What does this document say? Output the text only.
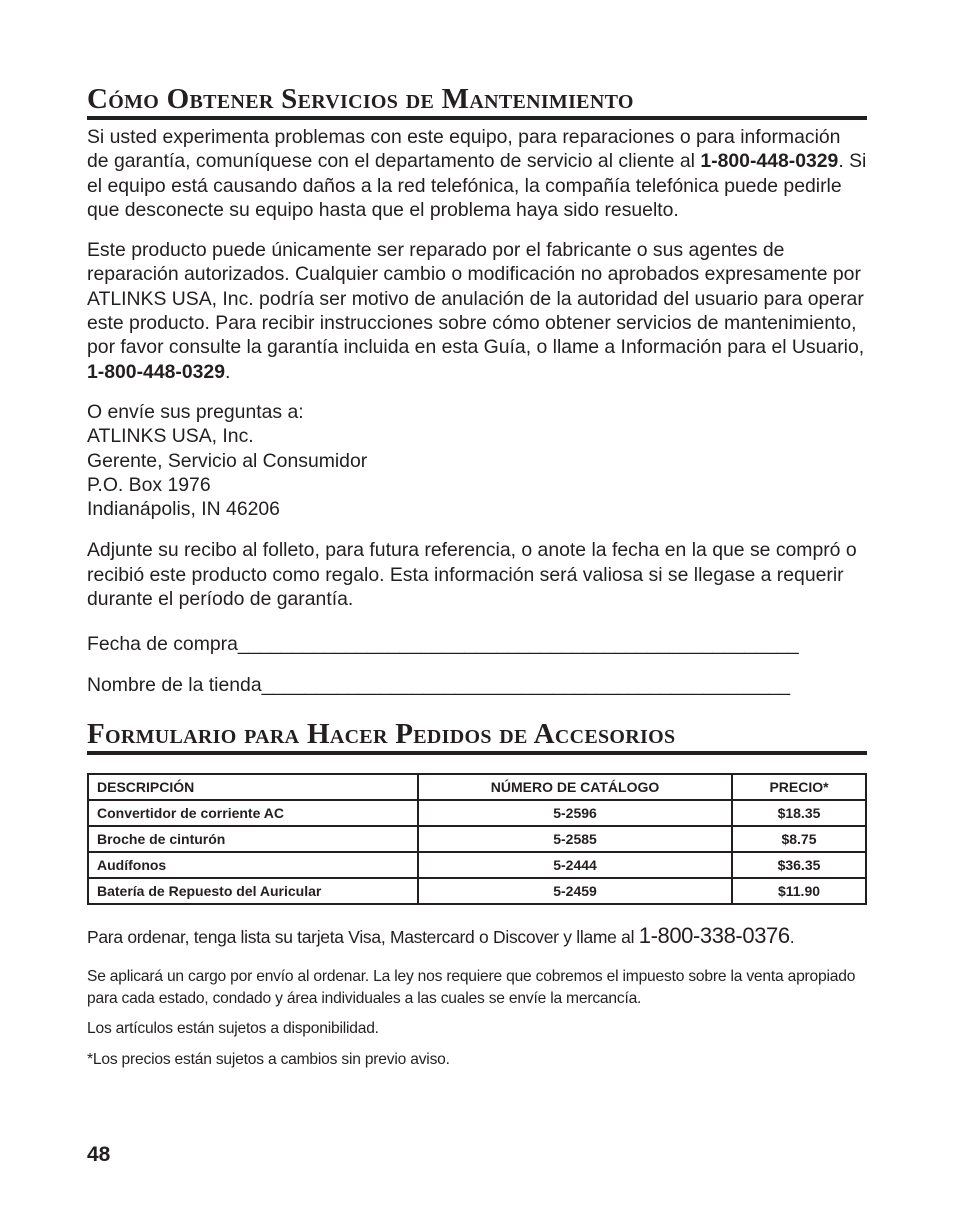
Cómo Obtener Servicios de Mantenimiento

Si usted experimenta problemas con este equipo, para reparaciones o para información de garantía, comuníquese con el departamento de servicio al cliente al 1-800-448-0329. Si el equipo está causando daños a la red telefónica, la compañía telefónica puede pedirle que desconecte su equipo hasta que el problema haya sido resuelto.

Este producto puede únicamente ser reparado por el fabricante o sus agentes de reparación autorizados. Cualquier cambio o modificación no aprobados expresamente por ATLINKS USA, Inc. podría ser motivo de anulación de la autoridad del usuario para operar este producto. Para recibir instrucciones sobre cómo obtener servicios de mantenimiento, por favor consulte la garantía incluida en esta Guía, o llame a Información para el Usuario, 1-800-448-0329.

O envíe sus preguntas a:
ATLINKS USA, Inc.
Gerente, Servicio al Consumidor
P.O. Box 1976
Indianápolis, IN 46206

Adjunte su recibo al folleto, para futura referencia, o anote la fecha en la que se compró o recibió este producto como regalo. Esta información será valiosa si se llegase a requerir durante el período de garantía.

Fecha de compra____________________________________________________
Nombre de la tienda_________________________________________________
Formulario para Hacer Pedidos de Accesorios
DESCRIPCIÓN	NÚMERO DE CATÁLOGO	PRECIO*
Convertidor de corriente AC	5-2596	$18.35
Broche de cinturón	5-2585	$8.75
Audífonos	5-2444	$36.35
Batería de Repuesto del Auricular	5-2459	$11.90

Para ordenar, tenga lista su tarjeta Visa, Mastercard o Discover y llame al 1-800-338-0376.

Se aplicará un cargo por envío al ordenar. La ley nos requiere que cobremos el impuesto sobre la venta apropiado para cada estado, condado y área individuales a las cuales se envíe la mercancía.

Los artículos están sujetos a disponibilidad.

*Los precios están sujetos a cambios sin previo aviso.

48
